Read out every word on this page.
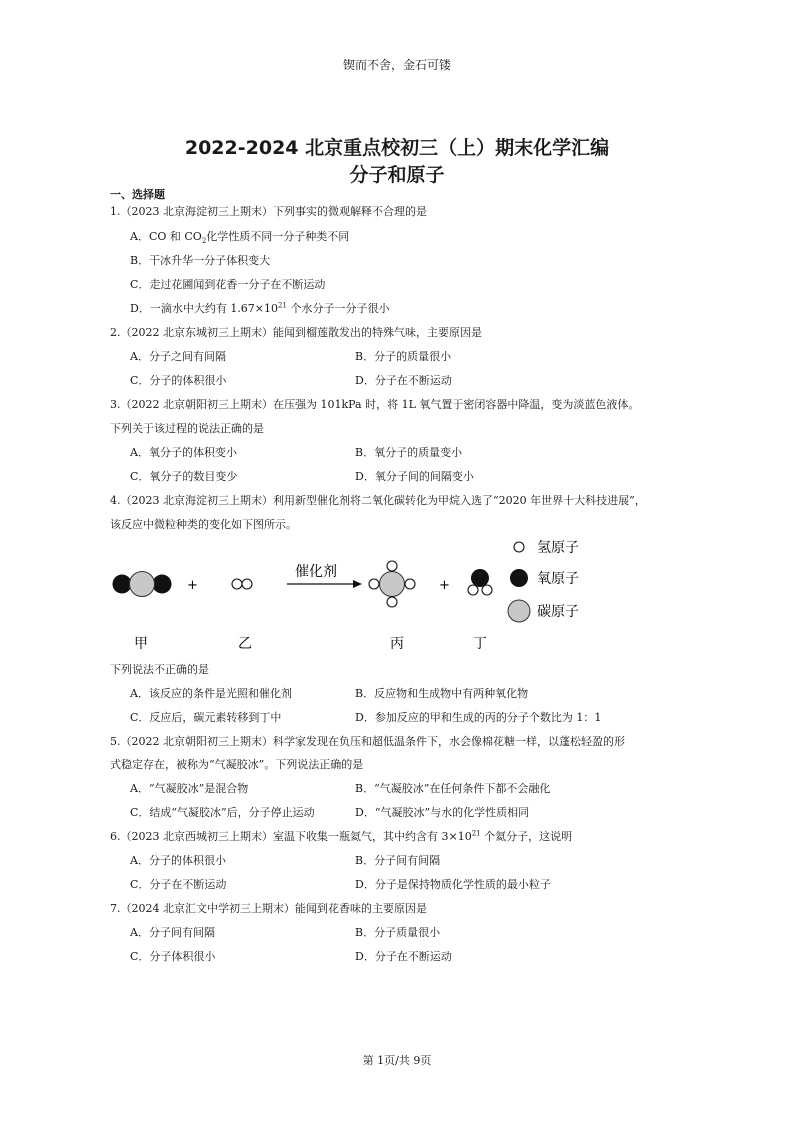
锲而不舍，金石可镂
2022-2024 北京重点校初三（上）期末化学汇编
分子和原子
一、选择题
1.（2023 北京海淀初三上期末）下列事实的微观解释不合理的是
A．CO 和 $CO_2$化学性质不同一分子种类不同
B．干冰升华一分子体积变大
C．走过花圃闻到花香一分子在不断运动
D．一滴水中大约有 $1.67\times 10^{21}$ 个水分子一分子很小
2.（2022 北京东城初三上期末）能闻到榴莲散发出的特殊气味，主要原因是
A．分子之间有间隔	B．分子的质量很小
C．分子的体积很小	D．分子在不断运动
3.（2022 北京朝阳初三上期末）在压强为 101kPa 时，将 1L 氧气置于密闭容器中降温，变为淡蓝色液体。
下列关于该过程的说法正确的是
A．氧分子的体积变小	B．氧分子的质量变小
C．氧分子的数目变少	D．氧分子间的间隔变小
4.（2023 北京海淀初三上期末）利用新型催化剂将二氧化碳转化为甲烷入选了“2020 年世界十大科技进展”，
该反应中微粒种类的变化如下图所示。
+
催化剂
+
氢原子
氧原子
碳原子
甲	乙	丙	丁
下列说法不正确的是
A．该反应的条件是光照和催化剂	B．反应物和生成物中有两种氧化物
C．反应后，碳元素转移到丁中	D．参加反应的甲和生成的丙的分子个数比为 1：1
5.（2022 北京朝阳初三上期末）科学家发现在负压和超低温条件下，水会像棉花糖一样，以蓬松轻盈的形
式稳定存在，被称为“气凝胶冰”。下列说法正确的是
A．“气凝胶冰”是混合物	B．“气凝胶冰”在任何条件下都不会融化
C．结成“气凝胶冰”后，分子停止运动	D．“气凝胶冰”与水的化学性质相同
6.（2023 北京西城初三上期末）室温下收集一瓶氦气，其中约含有 $3\times 10^{21}$ 个氦分子，这说明
A．分子的体积很小	B．分子间有间隔
C．分子在不断运动	D．分子是保持物质化学性质的最小粒子
7.（2024 北京汇文中学初三上期末）能闻到花香味的主要原因是
A．分子间有间隔	B．分子质量很小
C．分子体积很小	D．分子在不断运动
第 1页/共 9页
